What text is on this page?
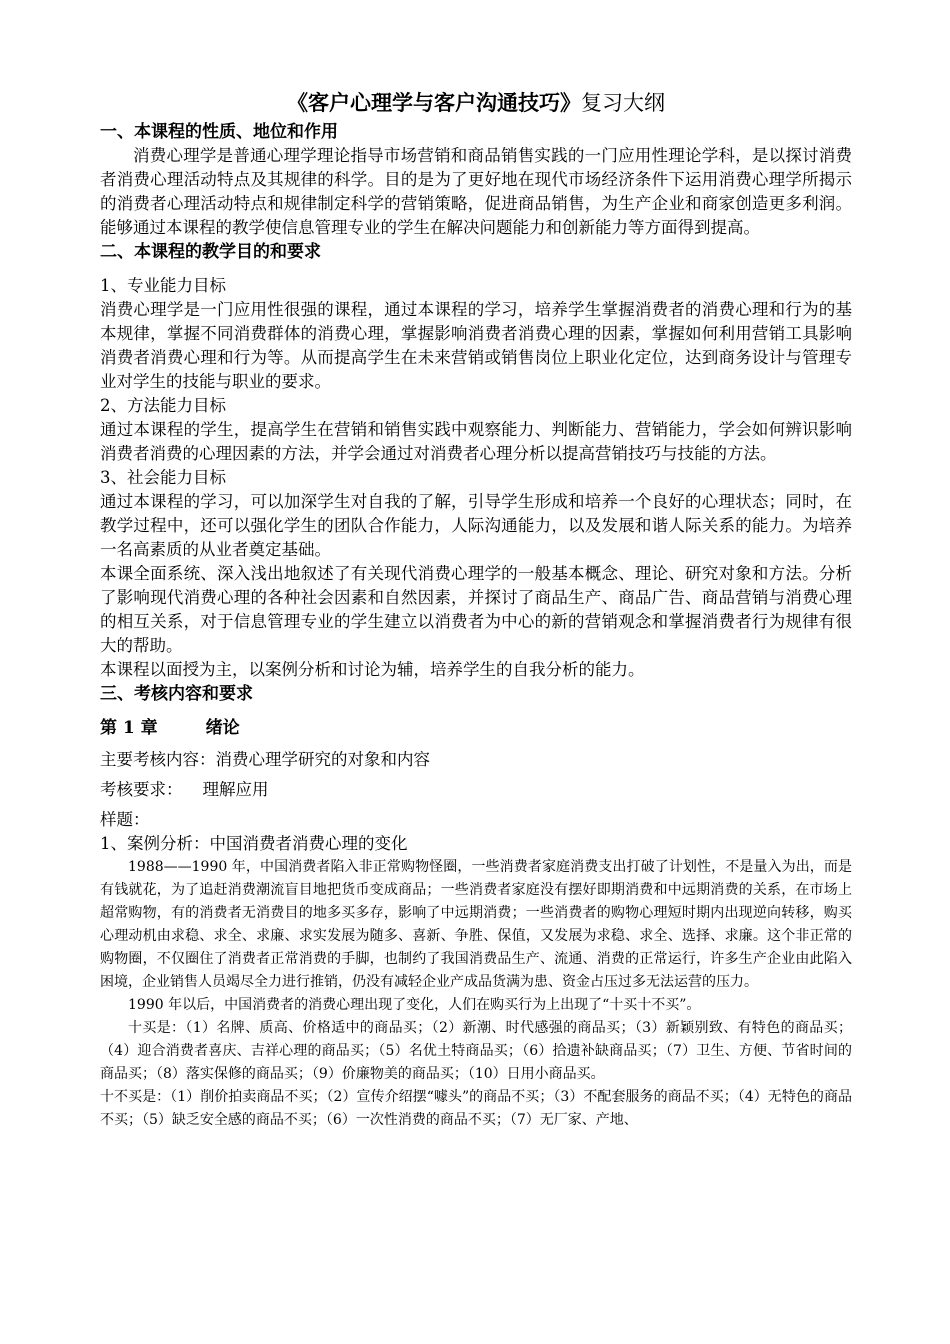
《客户心理学与客户沟通技巧》复习大纲
一、本课程的性质、地位和作用
消费心理学是普通心理学理论指导市场营销和商品销售实践的一门应用性理论学科，是以探讨消费者消费心理活动特点及其规律的科学。目的是为了更好地在现代市场经济条件下运用消费心理学所揭示的消费者心理活动特点和规律制定科学的营销策略，促进商品销售，为生产企业和商家创造更多利润。能够通过本课程的教学使信息管理专业的学生在解决问题能力和创新能力等方面得到提高。
二、本课程的教学目的和要求
1、专业能力目标
消费心理学是一门应用性很强的课程，通过本课程的学习，培养学生掌握消费者的消费心理和行为的基本规律，掌握不同消费群体的消费心理，掌握影响消费者消费心理的因素，掌握如何利用营销工具影响消费者消费心理和行为等。从而提高学生在未来营销或销售岗位上职业化定位，达到商务设计与管理专业对学生的技能与职业的要求。
2、方法能力目标
通过本课程的学生，提高学生在营销和销售实践中观察能力、判断能力、营销能力，学会如何辨识影响消费者消费的心理因素的方法，并学会通过对消费者心理分析以提高营销技巧与技能的方法。
3、社会能力目标
通过本课程的学习，可以加深学生对自我的了解，引导学生形成和培养一个良好的心理状态；同时，在教学过程中，还可以强化学生的团队合作能力，人际沟通能力，以及发展和谐人际关系的能力。为培养一名高素质的从业者奠定基础。
本课全面系统、深入浅出地叙述了有关现代消费心理学的一般基本概念、理论、研究对象和方法。分析了影响现代消费心理的各种社会因素和自然因素，并探讨了商品生产、商品广告、商品营销与消费心理的相互关系，对于信息管理专业的学生建立以消费者为中心的新的营销观念和掌握消费者行为规律有很大的帮助。
本课程以面授为主，以案例分析和讨论为辅，培养学生的自我分析的能力。
三、考核内容和要求
第 1 章	绪论
主要考核内容：消费心理学研究的对象和内容
考核要求： 理解应用
样题：
1、案例分析：中国消费者消费心理的变化
1988——1990 年，中国消费者陷入非正常购物怪圈，一些消费者家庭消费支出打破了计划性，不是量入为出，而是有钱就花，为了追赶消费潮流盲目地把货币变成商品；一些消费者家庭没有摆好即期消费和中远期消费的关系，在市场上超常购物，有的消费者无消费目的地多买多存，影响了中远期消费；一些消费者的购物心理短时期内出现逆向转移，购买心理动机由求稳、求全、求廉、求实发展为随多、喜新、争胜、保值，又发展为求稳、求全、选择、求廉。这个非正常的购物圈，不仅圈住了消费者正常消费的手脚，也制约了我国消费品生产、流通、消费的正常运行，许多生产企业由此陷入困境，企业销售人员竭尽全力进行推销，仍没有减轻企业产成品货满为患、资金占压过多无法运营的压力。
1990 年以后，中国消费者的消费心理出现了变化，人们在购买行为上出现了“十买十不买”。
十买是：（1）名牌、质高、价格适中的商品买；（2）新潮、时代感强的商品买；（3）新颖别致、有特色的商品买；（4）迎合消费者喜庆、吉祥心理的商品买；（5）名优土特商品买；（6）拾遗补缺商品买；（7）卫生、方便、节省时间的商品买；（8）落实保修的商品买；（9）价廉物美的商品买；（10）日用小商品买。
十不买是：（1）削价拍卖商品不买；（2）宣传介绍摆“噱头”的商品不买；（3）不配套服务的商品不买；（4）无特色的商品不买；（5）缺乏安全感的商品不买；（6）一次性消费的商品不买；（7）无厂家、产地、
